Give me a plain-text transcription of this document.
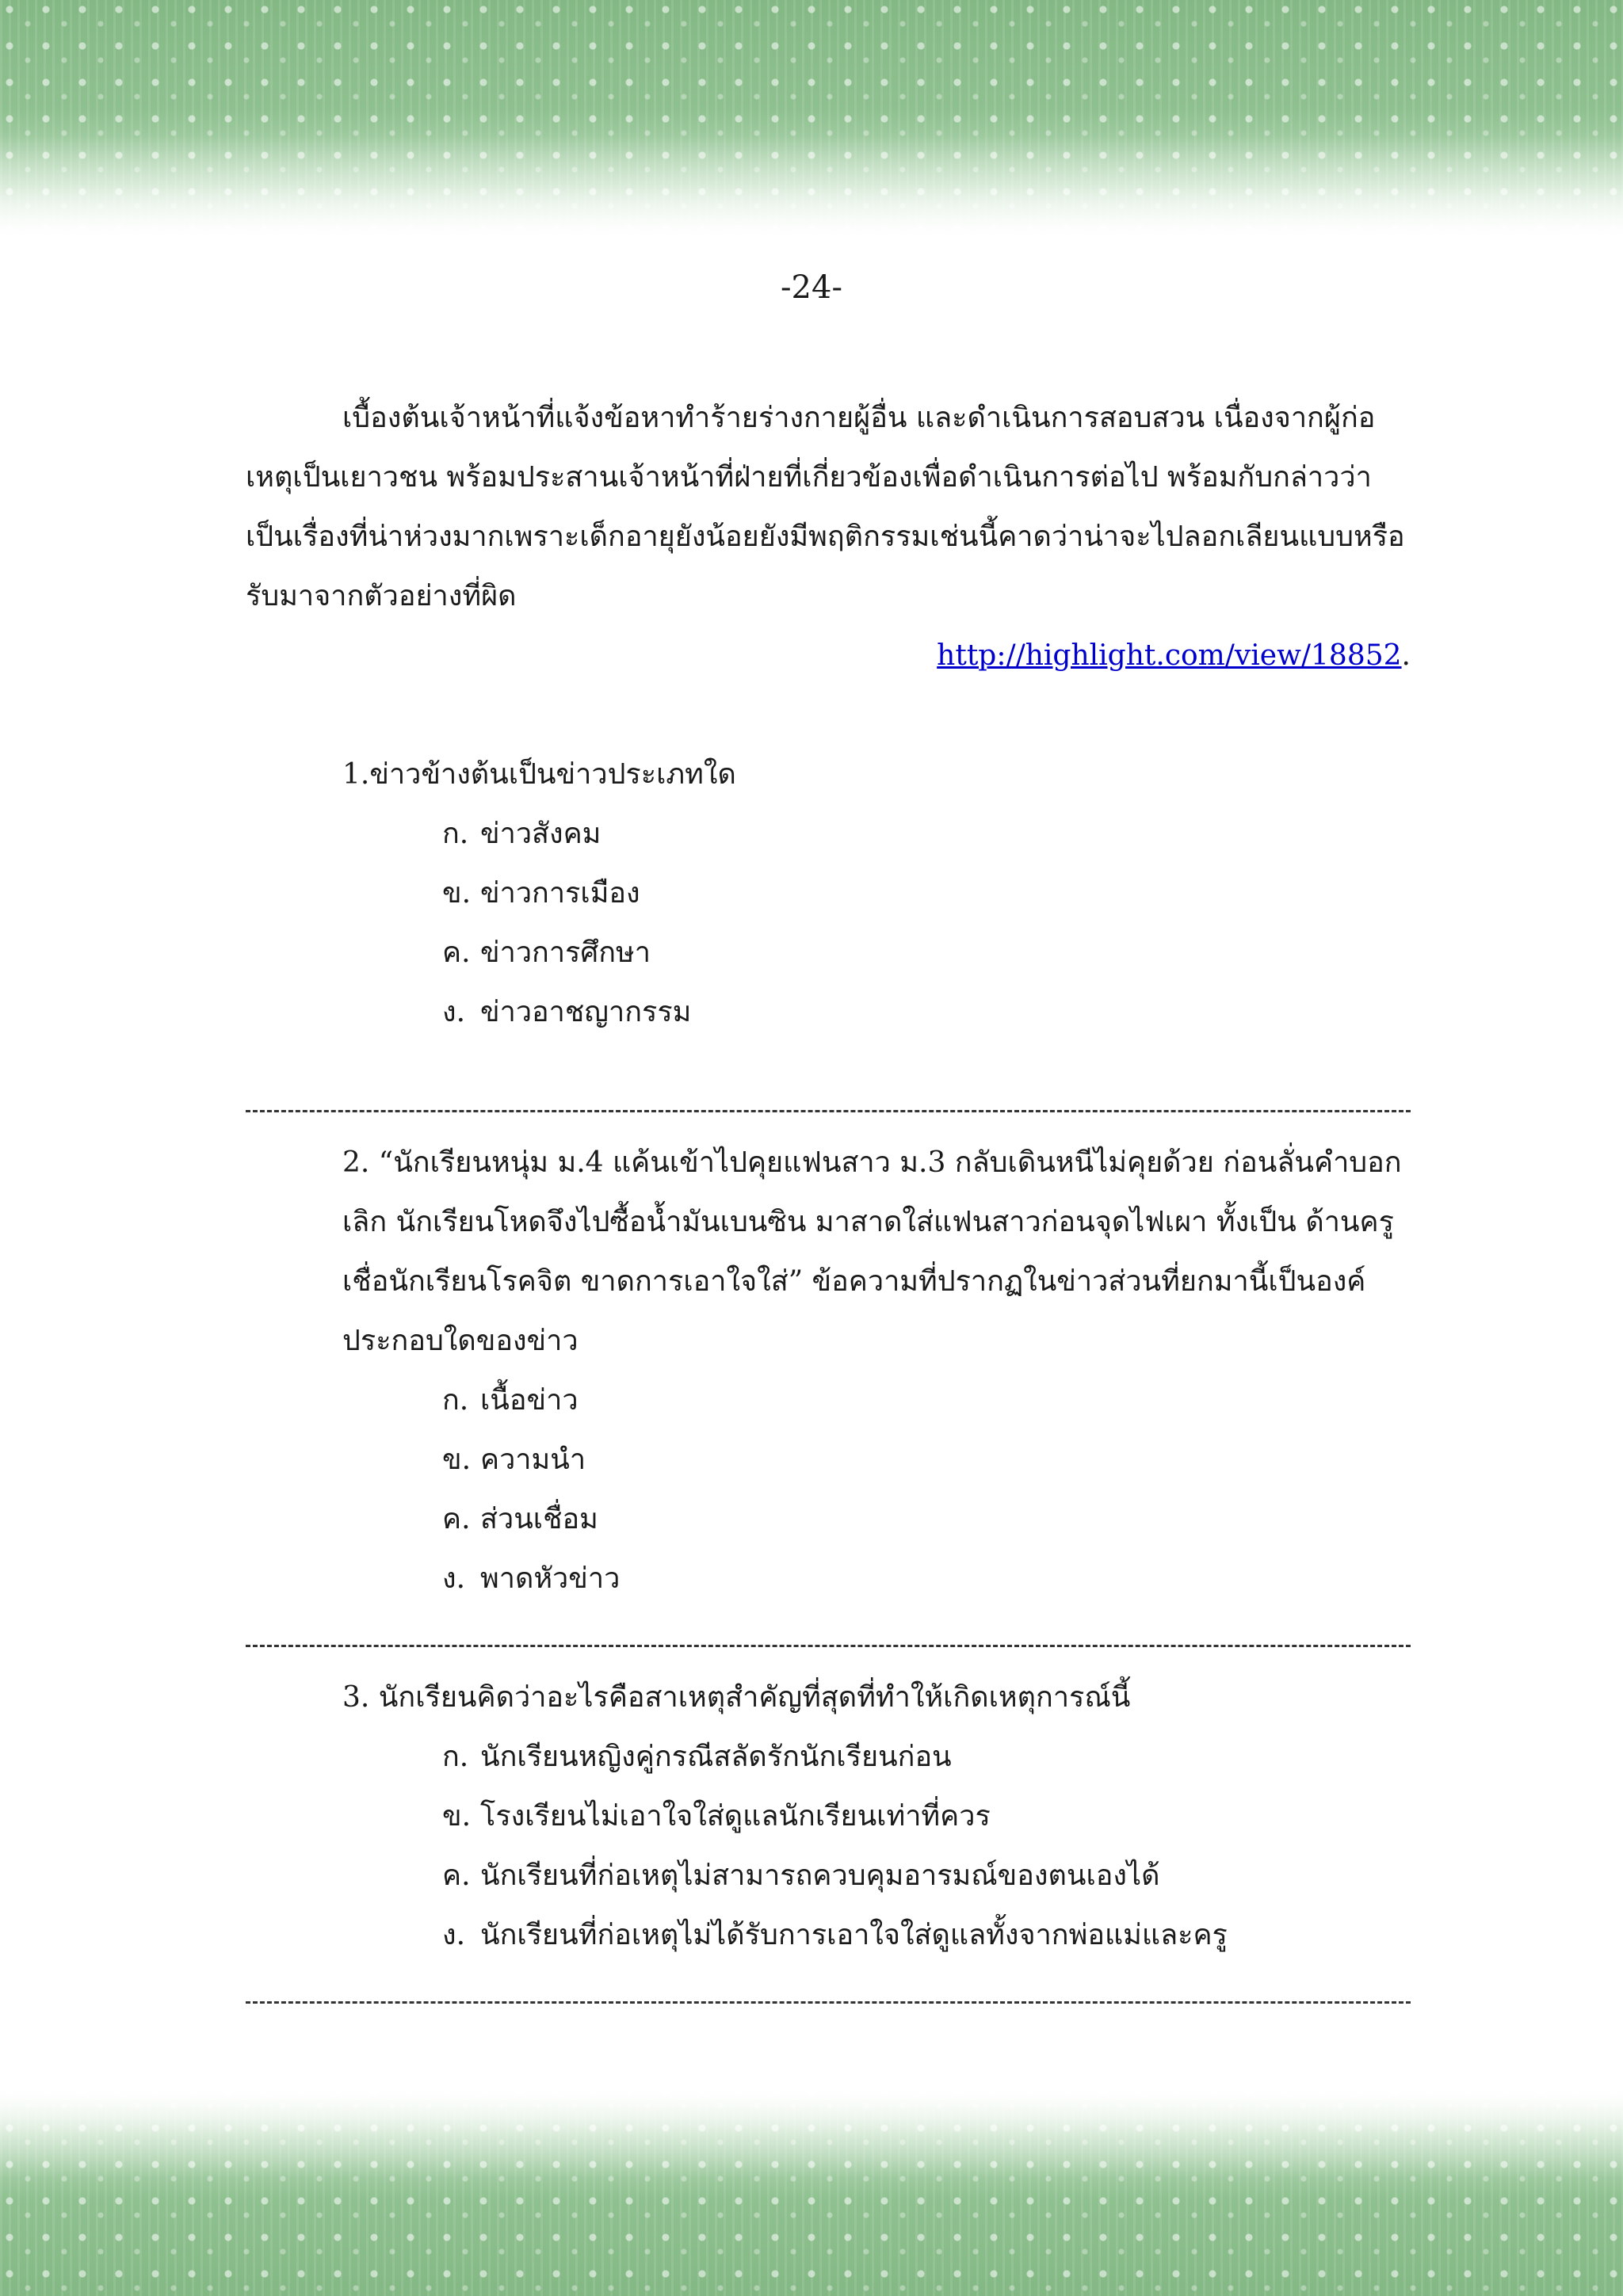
-24-

เบื้องต้นเจ้าหน้าที่แจ้งข้อหาทำร้ายร่างกายผู้อื่น และดำเนินการสอบสวน เนื่องจากผู้ก่อเหตุเป็นเยาวชน พร้อมประสานเจ้าหน้าที่ฝ่ายที่เกี่ยวข้องเพื่อดำเนินการต่อไป พร้อมกับกล่าวว่าเป็นเรื่องที่น่าห่วงมากเพราะเด็กอายุยังน้อยยังมีพฤติกรรมเช่นนี้คาดว่าน่าจะไปลอกเลียนแบบหรือรับมาจากตัวอย่างที่ผิด

http://highlight.com/view/18852.

1.ข่าวข้างต้นเป็นข่าวประเภทใด

ก. ข่าวสังคม
ข. ข่าวการเมือง
ค. ข่าวการศึกษา
ง. ข่าวอาชญากรรม

2. “นักเรียนหนุ่ม ม.4 แค้นเข้าไปคุยแฟนสาว ม.3 กลับเดินหนีไม่คุยด้วย ก่อนลั่นคำบอกเลิก นักเรียนโหดจึงไปซื้อน้ำมันเบนซิน มาสาดใส่แฟนสาวก่อนจุดไฟเผา ทั้งเป็น ด้านครูเชื่อนักเรียนโรคจิต ขาดการเอาใจใส่” ข้อความที่ปรากฏในข่าวส่วนที่ยกมานี้เป็นองค์ประกอบใดของข่าว

ก. เนื้อข่าว
ข. ความนำ
ค. ส่วนเชื่อม
ง. พาดหัวข่าว

3. นักเรียนคิดว่าอะไรคือสาเหตุสำคัญที่สุดที่ทำให้เกิดเหตุการณ์นี้

ก. นักเรียนหญิงคู่กรณีสลัดรักนักเรียนก่อน
ข. โรงเรียนไม่เอาใจใส่ดูแลนักเรียนเท่าที่ควร
ค. นักเรียนที่ก่อเหตุไม่สามารถควบคุมอารมณ์ของตนเองได้
ง. นักเรียนที่ก่อเหตุไม่ได้รับการเอาใจใส่ดูแลทั้งจากพ่อแม่และครู
